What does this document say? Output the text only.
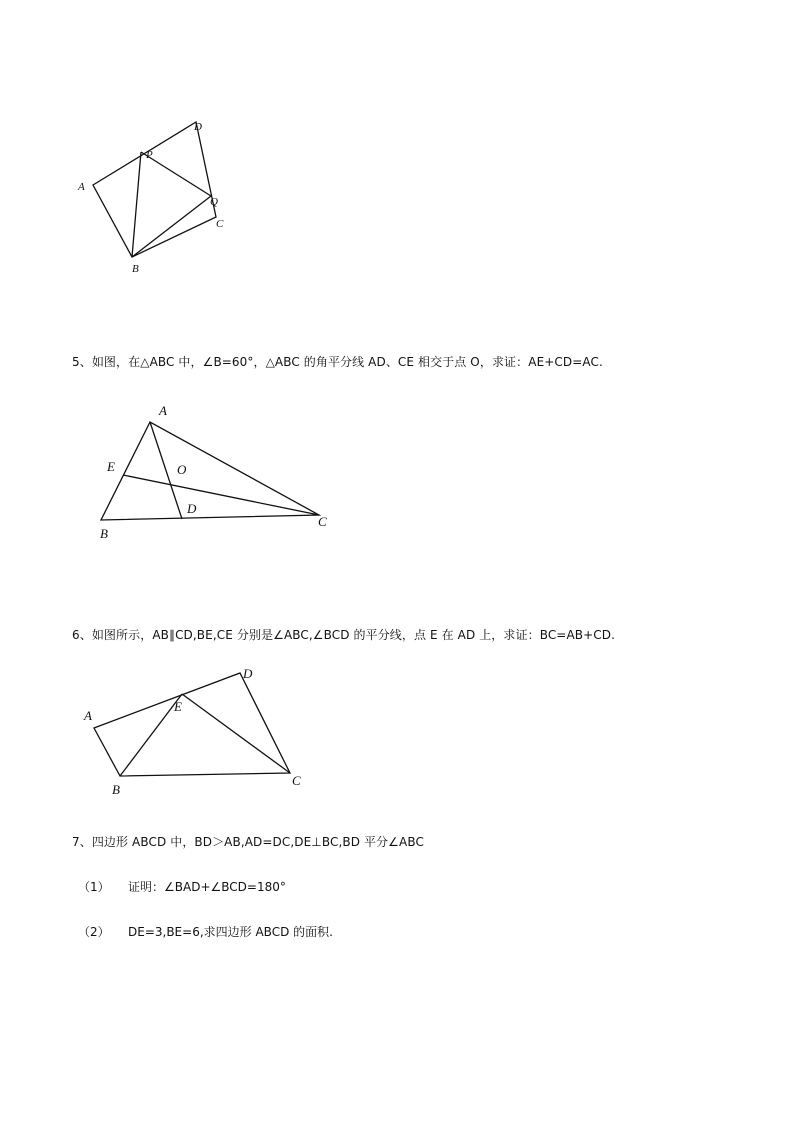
A
D
P
Q
C
B
5、如图，在△ABC 中，∠B=60°，△ABC 的角平分线 AD、CE 相交于点 O，求证：AE+CD=AC.
A
E	O
D
C
B
6、如图所示，AB∥CD,BE,CE 分别是∠ABC,∠BCD 的平分线，点 E 在 AD 上，求证：BC=AB+CD.
A
E
D
C
B
7、四边形 ABCD 中，BD＞AB,AD=DC,DE⊥BC,BD 平分∠ABC
（1） 证明：∠BAD+∠BCD=180°
（2） DE=3,BE=6,求四边形 ABCD 的面积.
